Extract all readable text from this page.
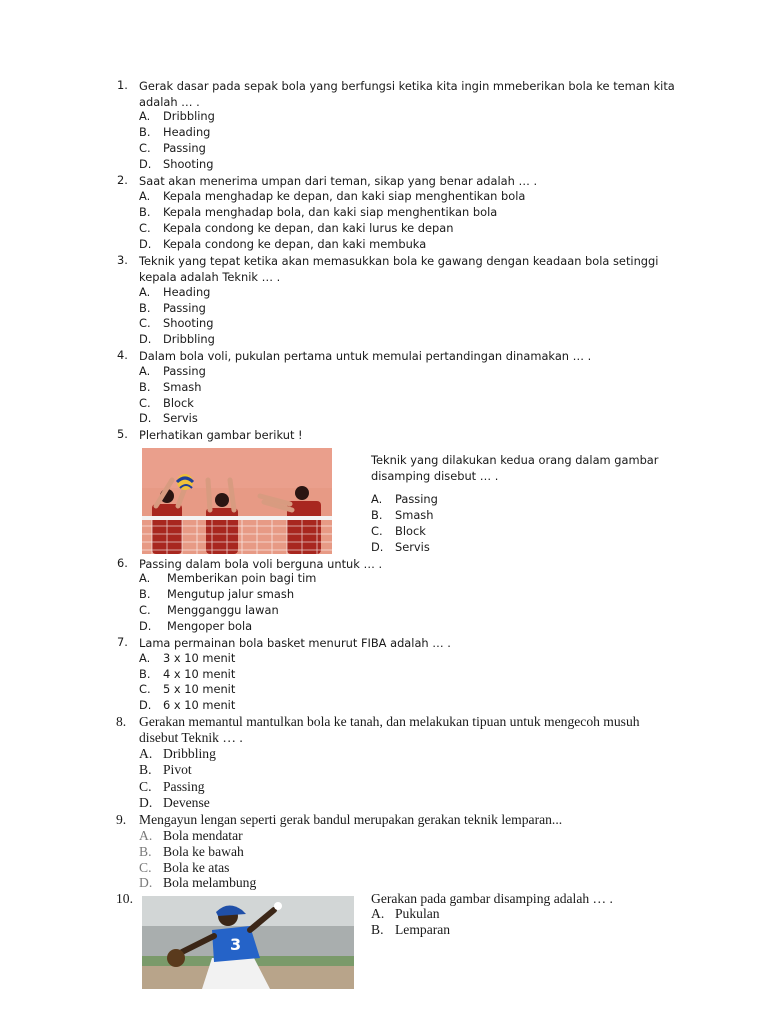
1. Gerak dasar pada sepak bola yang berfungsi ketika kita ingin mmeberikan bola ke teman kita adalah … .
A. Dribbling
B. Heading
C. Passing
D. Shooting
2. Saat akan menerima umpan dari teman, sikap yang benar adalah … .
A. Kepala menghadap ke depan, dan kaki siap menghentikan bola
B. Kepala menghadap bola, dan kaki siap menghentikan bola
C. Kepala condong ke depan, dan kaki lurus ke depan
D. Kepala condong ke depan, dan kaki membuka
3. Teknik yang tepat ketika akan memasukkan bola ke gawang dengan keadaan bola setinggi kepala adalah Teknik … .
A. Heading
B. Passing
C. Shooting
D. Dribbling
4. Dalam bola voli, pukulan pertama untuk memulai pertandingan dinamakan … .
A. Passing
B. Smash
C. Block
D. Servis
5. Plerhatikan gambar berikut !
Teknik yang dilakukan kedua orang dalam gambar disamping disebut … .
A. Passing
B. Smash
C. Block
D. Servis
6. Passing dalam bola voli berguna untuk … .
A. Memberikan poin bagi tim
B. Mengutup jalur smash
C. Mengganggu lawan
D. Mengoper bola
7. Lama permainan bola basket menurut FIBA adalah … .
A. 3 x 10 menit
B. 4 x 10 menit
C. 5 x 10 menit
D. 6 x 10 menit
8. Gerakan memantul mantulkan bola ke tanah, dan melakukan tipuan untuk mengecoh musuh disebut Teknik … .
A. Dribbling
B. Pivot
C. Passing
D. Devense
9. Mengayun lengan seperti gerak bandul merupakan gerakan teknik lemparan...
A. Bola mendatar
B. Bola ke bawah
C. Bola ke atas
D. Bola melambung
10.
3
Gerakan pada gambar disamping adalah … .
A. Pukulan
B. Lemparan
